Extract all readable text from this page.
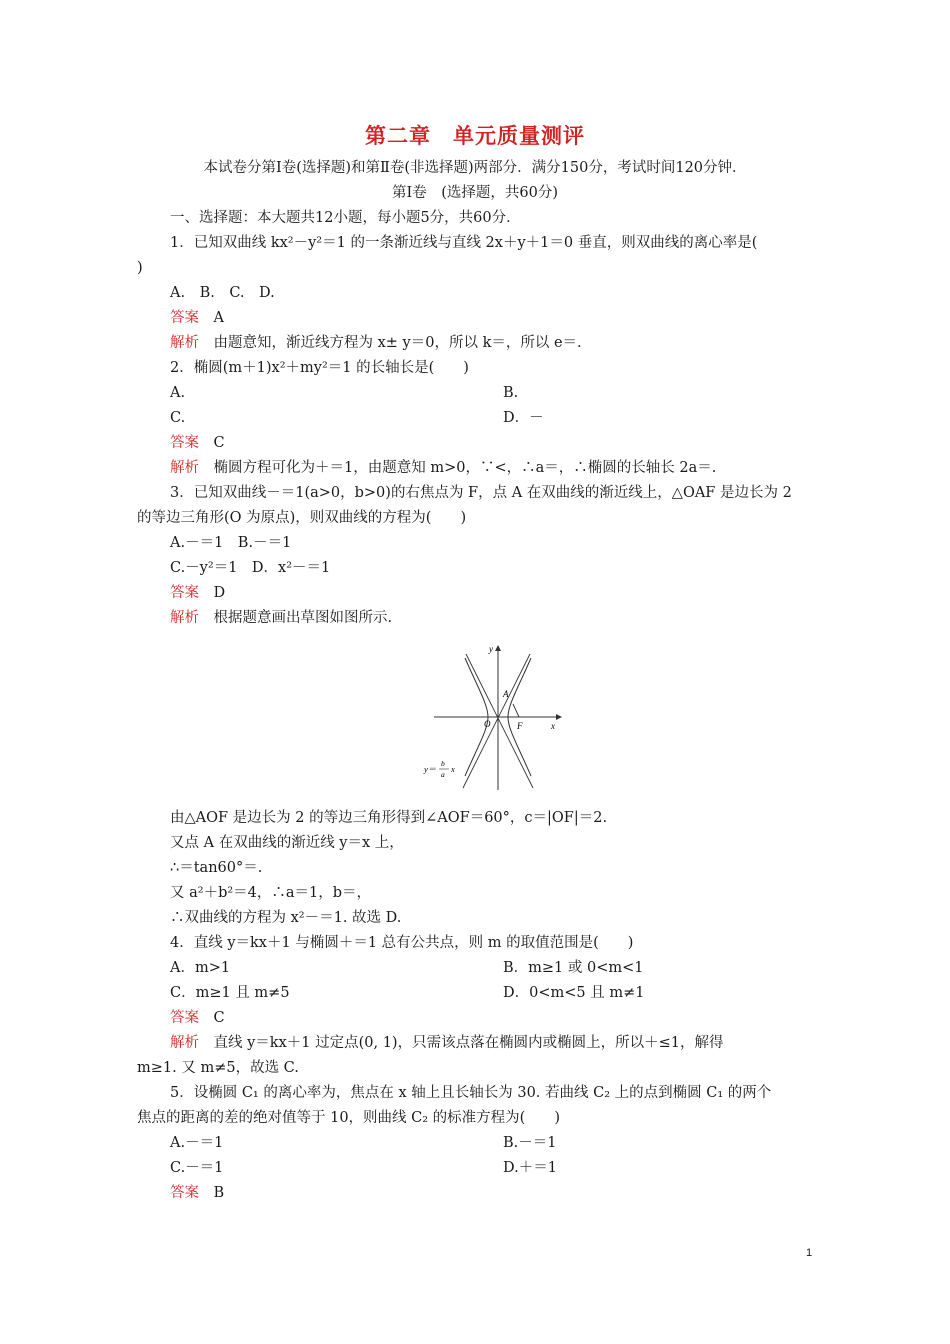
第二章　单元质量测评
本试卷分第Ⅰ卷(选择题)和第Ⅱ卷(非选择题)两部分．满分150分，考试时间120分钟．
第Ⅰ卷　(选择题，共60分)
一、选择题：本大题共12小题，每小题5分，共60分．
1．已知双曲线 kx²－y²＝1 的一条渐近线与直线 2x＋y＋1＝0 垂直，则双曲线的离心率是(
)
A.　B.　C.　D.
答案　 A
解析　 由题意知，渐近线方程为 x± y＝0，所以 k＝，所以 e＝.
2．椭圆(m＋1)x²＋my²＝1 的长轴长是(　　)
A.	B.
C.	D．－
答案　 C
解析　 椭圆方程可化为＋＝1，由题意知 m>0，∵<，∴a＝，∴椭圆的长轴长 2a＝.
3．已知双曲线－＝1(a>0，b>0)的右焦点为 F，点 A 在双曲线的渐近线上，△OAF 是边长为 2
的等边三角形(O 为原点)，则双曲线的方程为(　　)
A.－＝1　B.－＝1
C.－y²＝1　D．x²－＝1
答案　 D
解析　 根据题意画出草图如图所示.
y
x
O
A
F
y＝
b
a
x
由△AOF 是边长为 2 的等边三角形得到∠AOF＝60°，c＝|OF|＝2.
又点 A 在双曲线的渐近线 y＝x 上，
∴＝tan60°＝.
又 a²＋b²＝4，∴a＝1，b＝，
∴双曲线的方程为 x²－＝1. 故选 D.
4．直线 y＝kx＋1 与椭圆＋＝1 总有公共点，则 m 的取值范围是(　　)
A．m>1	B．m≥1 或 0<m<1
C．m≥1 且 m≠5	D．0<m<5 且 m≠1
答案　 C
解析　 直线 y＝kx＋1 过定点(0, 1)，只需该点落在椭圆内或椭圆上，所以＋≤1，解得
m≥1. 又 m≠5，故选 C.
5．设椭圆 C₁ 的离心率为，焦点在 x 轴上且长轴长为 30. 若曲线 C₂ 上的点到椭圆 C₁ 的两个
焦点的距离的差的绝对值等于 10，则曲线 C₂ 的标准方程为(　　)
A.－＝1	B.－＝1
C.－＝1	D.＋＝1
答案　 B
1
